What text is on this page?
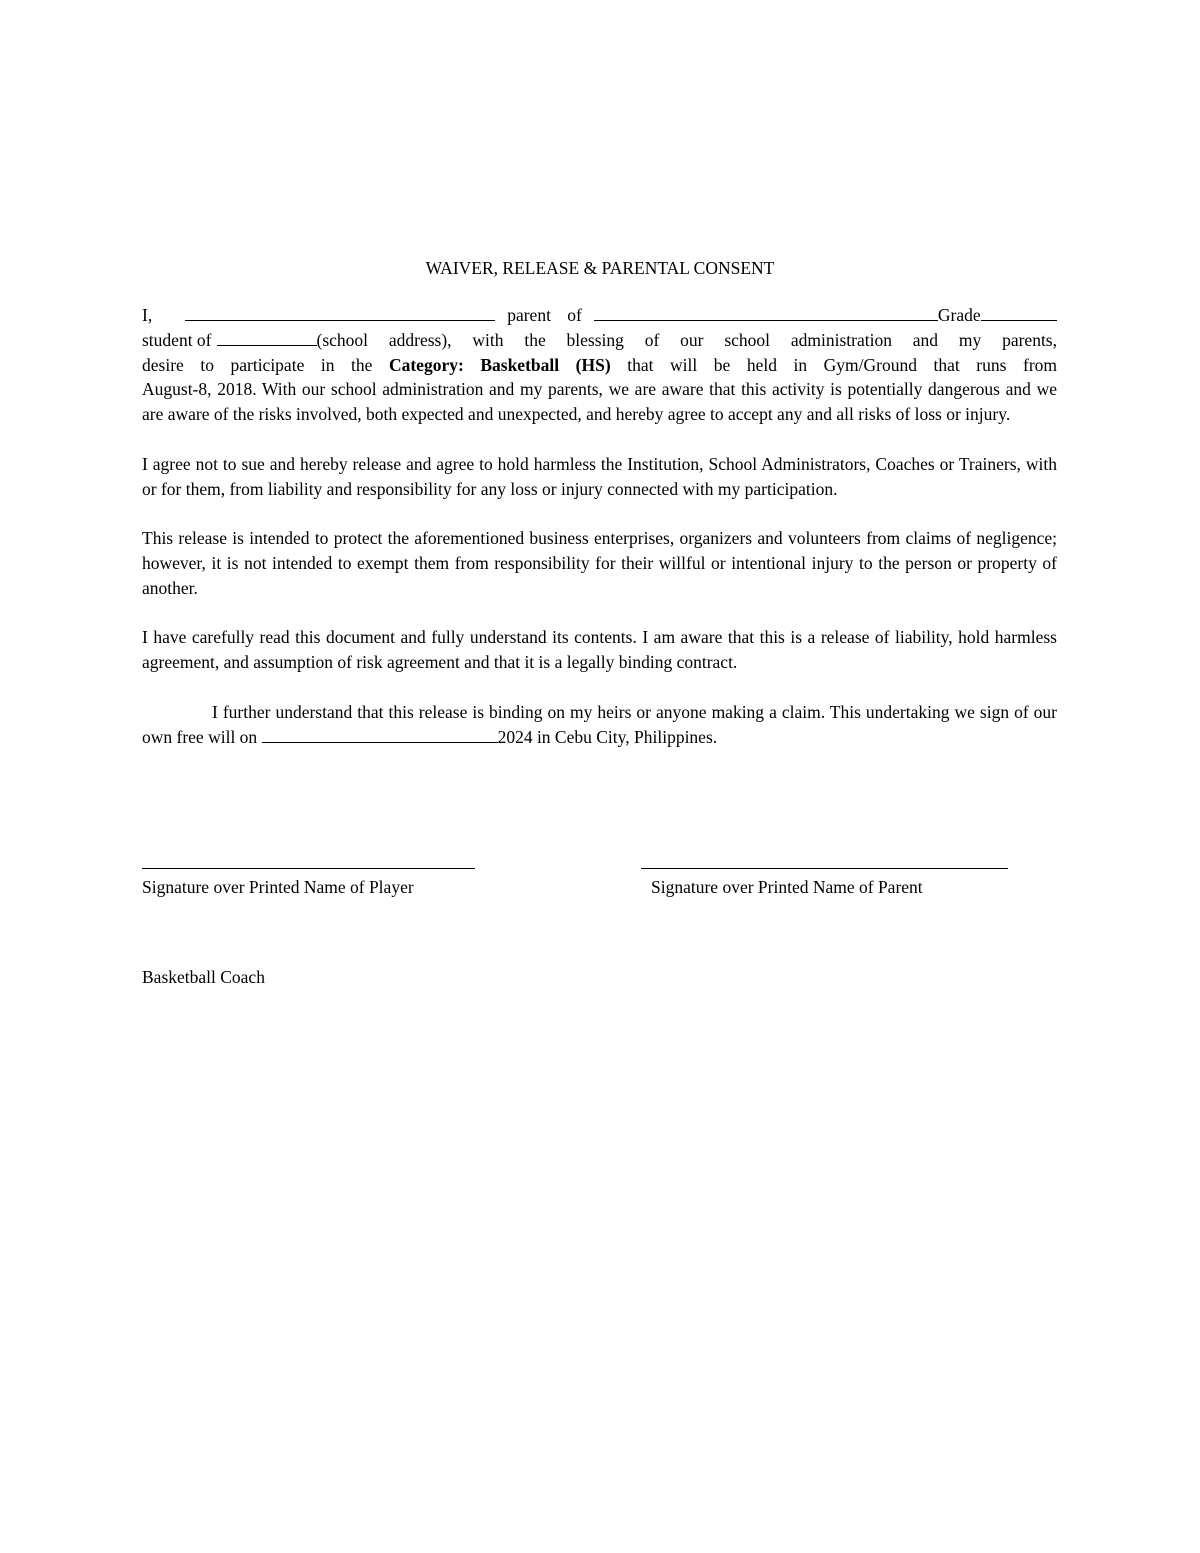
WAIVER, RELEASE & PARENTAL CONSENT
I,	parent of	Grade
student of	(school address), with the blessing of our school administration and my parents,
desire to participate in the Category: Basketball (HS) that will be held in Gym/Ground that runs from
August-8, 2018. With our school administration and my parents, we are aware that this activity is potentially dangerous and we are aware of the risks involved, both expected and unexpected, and hereby agree to accept any and all risks of loss or injury.
I agree not to sue and hereby release and agree to hold harmless the Institution, School Administrators, Coaches or Trainers, with or for them, from liability and responsibility for any loss or injury connected with my participation.
This release is intended to protect the aforementioned business enterprises, organizers and volunteers from claims of negligence; however, it is not intended to exempt them from responsibility for their willful or intentional injury to the person or property of another.
I have carefully read this document and fully understand its contents. I am aware that this is a release of liability, hold harmless agreement, and assumption of risk agreement and that it is a legally binding contract.
I further understand that this release is binding on my heirs or anyone making a claim. This undertaking we sign of our own free will on	2024 in Cebu City, Philippines.
Signature over Printed Name of Player	Signature over Printed Name of Parent
Basketball Coach
